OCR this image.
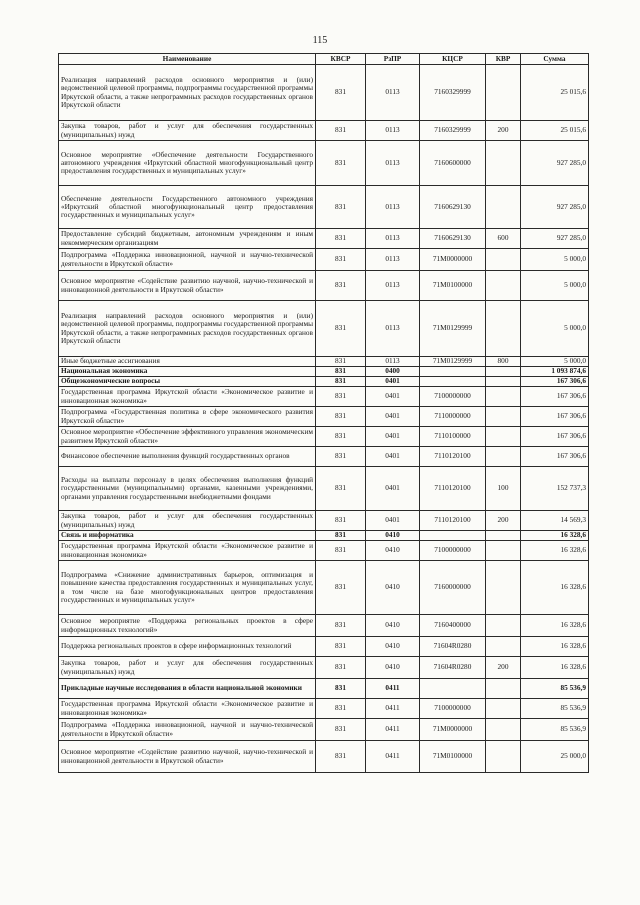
115
Наименование	КВСР	РзПР	КЦСР	КВР	Сумма
Реализация направлений расходов основного мероприятия и (или) ведомственной целевой программы, подпрограммы государственной программы Иркутской области, а также непрограммных расходов государственных органов Иркутской области	831	0113	7160329999		25 015,6
Закупка товаров, работ и услуг для обеспечения государственных (муниципальных) нужд	831	0113	7160329999	200	25 015,6
Основное мероприятие «Обеспечение деятельности Государственного автономного учреждения «Иркутский областной многофункциональный центр предоставления государственных и муниципальных услуг»	831	0113	7160600000		927 285,0
Обеспечение деятельности Государственного автономного учреждения «Иркутский областной многофункциональный центр предоставления государственных и муниципальных услуг»	831	0113	7160629130		927 285,0
Предоставление субсидий бюджетным, автономным учреждениям и иным некоммерческим организациям	831	0113	7160629130	600	927 285,0
Подпрограмма «Поддержка инновационной, научной и научно-технической деятельности в Иркутской области»	831	0113	71М0000000		5 000,0
Основное мероприятие «Содействие развитию научной, научно-технической и инновационной деятельности в Иркутской области»	831	0113	71М0100000		5 000,0
Реализация направлений расходов основного мероприятия и (или) ведомственной целевой программы, подпрограммы государственной программы Иркутской области, а также непрограммных расходов государственных органов Иркутской области	831	0113	71М0129999		5 000,0
Иные бюджетные ассигнования	831	0113	71М0129999	800	5 000,0
Национальная экономика	831	0400			1 093 874,6
Общеэкономические вопросы	831	0401			167 306,6
Государственная программа Иркутской области «Экономическое развитие и инновационная экономика»	831	0401	7100000000		167 306,6
Подпрограмма «Государственная политика в сфере экономического развития Иркутской области»	831	0401	7110000000		167 306,6
Основное мероприятие «Обеспечение эффективного управления экономическим развитием Иркутской области»	831	0401	7110100000		167 306,6
Финансовое обеспечение выполнения функций государственных органов	831	0401	7110120100		167 306,6
Расходы на выплаты персоналу в целях обеспечения выполнения функций государственными (муниципальными) органами, казенными учреждениями, органами управления государственными внебюджетными фондами	831	0401	7110120100	100	152 737,3
Закупка товаров, работ и услуг для обеспечения государственных (муниципальных) нужд	831	0401	7110120100	200	14 569,3
Связь и информатика	831	0410			16 328,6
Государственная программа Иркутской области «Экономическое развитие и инновационная экономика»	831	0410	7100000000		16 328,6
Подпрограмма «Снижение административных барьеров, оптимизация и повышение качества предоставления государственных и муниципальных услуг, в том числе на базе многофункциональных центров предоставления государственных и муниципальных услуг»	831	0410	7160000000		16 328,6
Основное мероприятие «Поддержка региональных проектов в сфере информационных технологий»	831	0410	7160400000		16 328,6
Поддержка региональных проектов в сфере информационных технологий	831	0410	71604R0280		16 328,6
Закупка товаров, работ и услуг для обеспечения государственных (муниципальных) нужд	831	0410	71604R0280	200	16 328,6
Прикладные научные исследования в области национальной экономики	831	0411			85 536,9
Государственная программа Иркутской области «Экономическое развитие и инновационная экономика»	831	0411	7100000000		85 536,9
Подпрограмма «Поддержка инновационной, научной и научно-технической деятельности в Иркутской области»	831	0411	71М0000000		85 536,9
Основное мероприятие «Содействие развитию научной, научно-технической и инновационной деятельности в Иркутской области»	831	0411	71М0100000		25 000,0
